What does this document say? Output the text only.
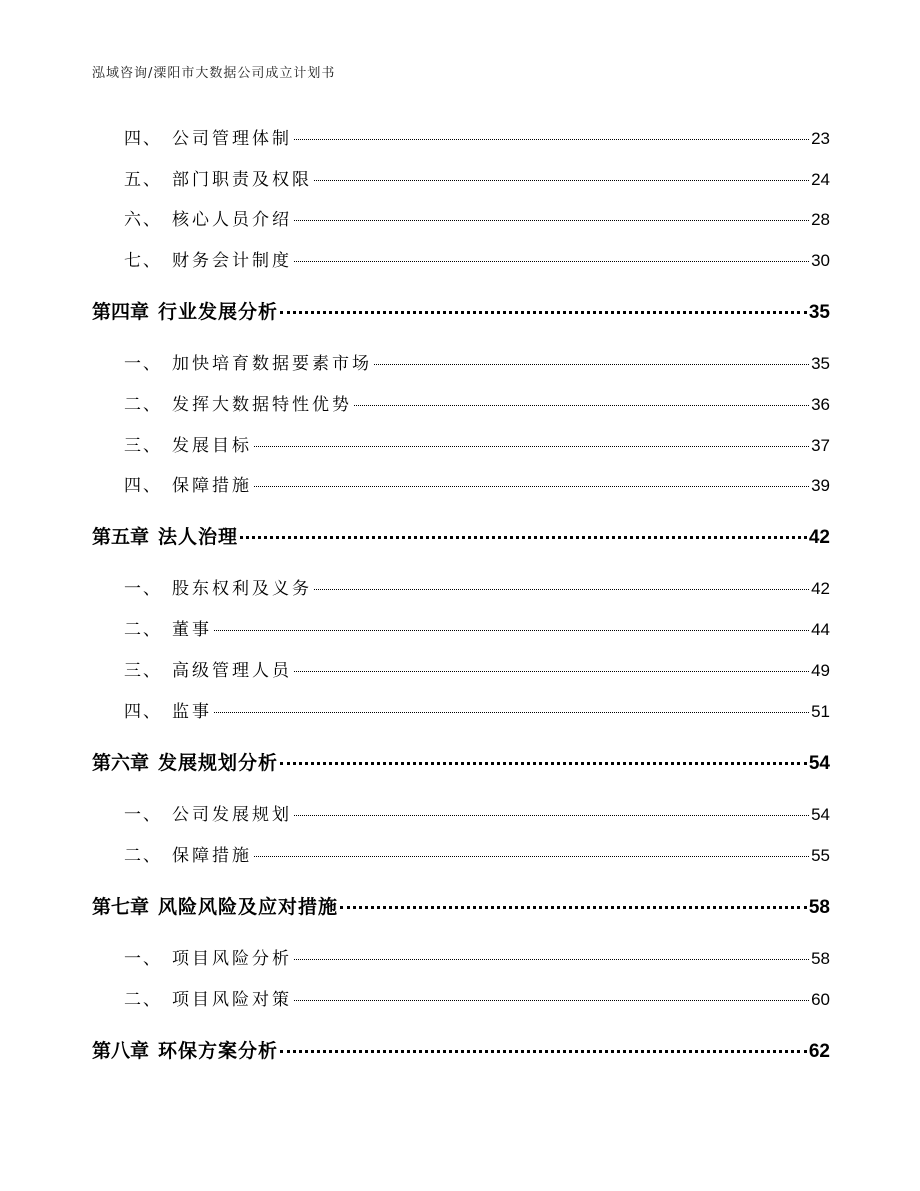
泓域咨询/溧阳市大数据公司成立计划书
四、 公司管理体制	23
五、 部门职责及权限	24
六、 核心人员介绍	28
七、 财务会计制度	30
第四章 行业发展分析	35
一、 加快培育数据要素市场	35
二、 发挥大数据特性优势	36
三、 发展目标	37
四、 保障措施	39
第五章 法人治理	42
一、 股东权利及义务	42
二、 董事	44
三、 高级管理人员	49
四、 监事	51
第六章 发展规划分析	54
一、 公司发展规划	54
二、 保障措施	55
第七章 风险风险及应对措施	58
一、 项目风险分析	58
二、 项目风险对策	60
第八章 环保方案分析	62
